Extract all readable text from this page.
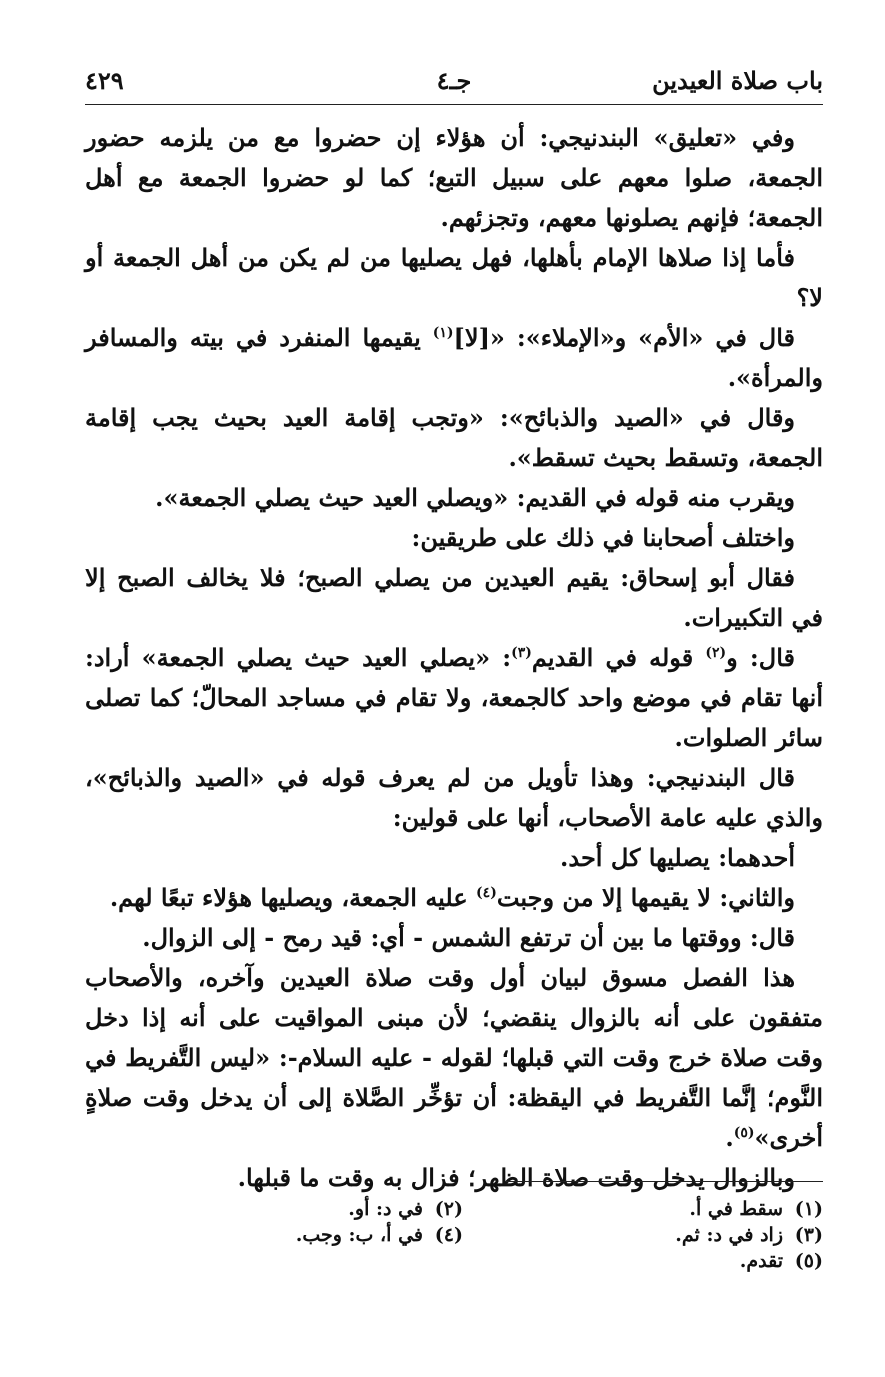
باب صلاة العيدين
جـ٤
٤٢٩

وفي «تعليق» البندنيجي: أن هؤلاء إن حضروا مع من يلزمه حضور الجمعة، صلوا معهم على سبيل التبع؛ كما لو حضروا الجمعة مع أهل الجمعة؛ فإنهم يصلونها معهم، وتجزئهم.

فأما إذا صلاها الإمام بأهلها، فهل يصليها من لم يكن من أهل الجمعة أو لا؟

قال في «الأم» و«الإملاء»: «[لا]$^{(١)}$ يقيمها المنفرد في بيته والمسافر والمرأة».

وقال في «الصيد والذبائح»: «وتجب إقامة العيد بحيث يجب إقامة الجمعة، وتسقط بحيث تسقط».

ويقرب منه قوله في القديم: «ويصلي العيد حيث يصلي الجمعة».

واختلف أصحابنا في ذلك على طريقين:

فقال أبو إسحاق: يقيم العيدين من يصلي الصبح؛ فلا يخالف الصبح إلا في التكبيرات.

قال: و$^{(٢)}$ قوله في القديم$^{(٣)}$: «يصلي العيد حيث يصلي الجمعة» أراد: أنها تقام في موضع واحد كالجمعة، ولا تقام في مساجد المحالّ؛ كما تصلى سائر الصلوات.

قال البندنيجي: وهذا تأويل من لم يعرف قوله في «الصيد والذبائح»، والذي عليه عامة الأصحاب، أنها على قولين:

أحدهما: يصليها كل أحد.

والثاني: لا يقيمها إلا من وجبت$^{(٤)}$ عليه الجمعة، ويصليها هؤلاء تبعًا لهم.

قال: ووقتها ما بين أن ترتفع الشمس - أي: قيد رمح - إلى الزوال.

هذا الفصل مسوق لبيان أول وقت صلاة العيدين وآخره، والأصحاب متفقون على أنه بالزوال ينقضي؛ لأن مبنى المواقيت على أنه إذا دخل وقت صلاة خرج وقت التي قبلها؛ لقوله - عليه السلام-: «ليس التَّفريط في النَّوم؛ إنَّما التَّفريط في اليقظة: أن تؤخِّر الصَّلاة إلى أن يدخل وقت صلاةٍ أخرى»$^{(٥)}$.

وبالزوال يدخل وقت صلاة الظهر؛ فزال به وقت ما قبلها.

(١)سقط في أ.
(٢)في د: أو.
(٣)زاد في د: ثم.
(٤)في أ، ب: وجب.
(٥)تقدم.
